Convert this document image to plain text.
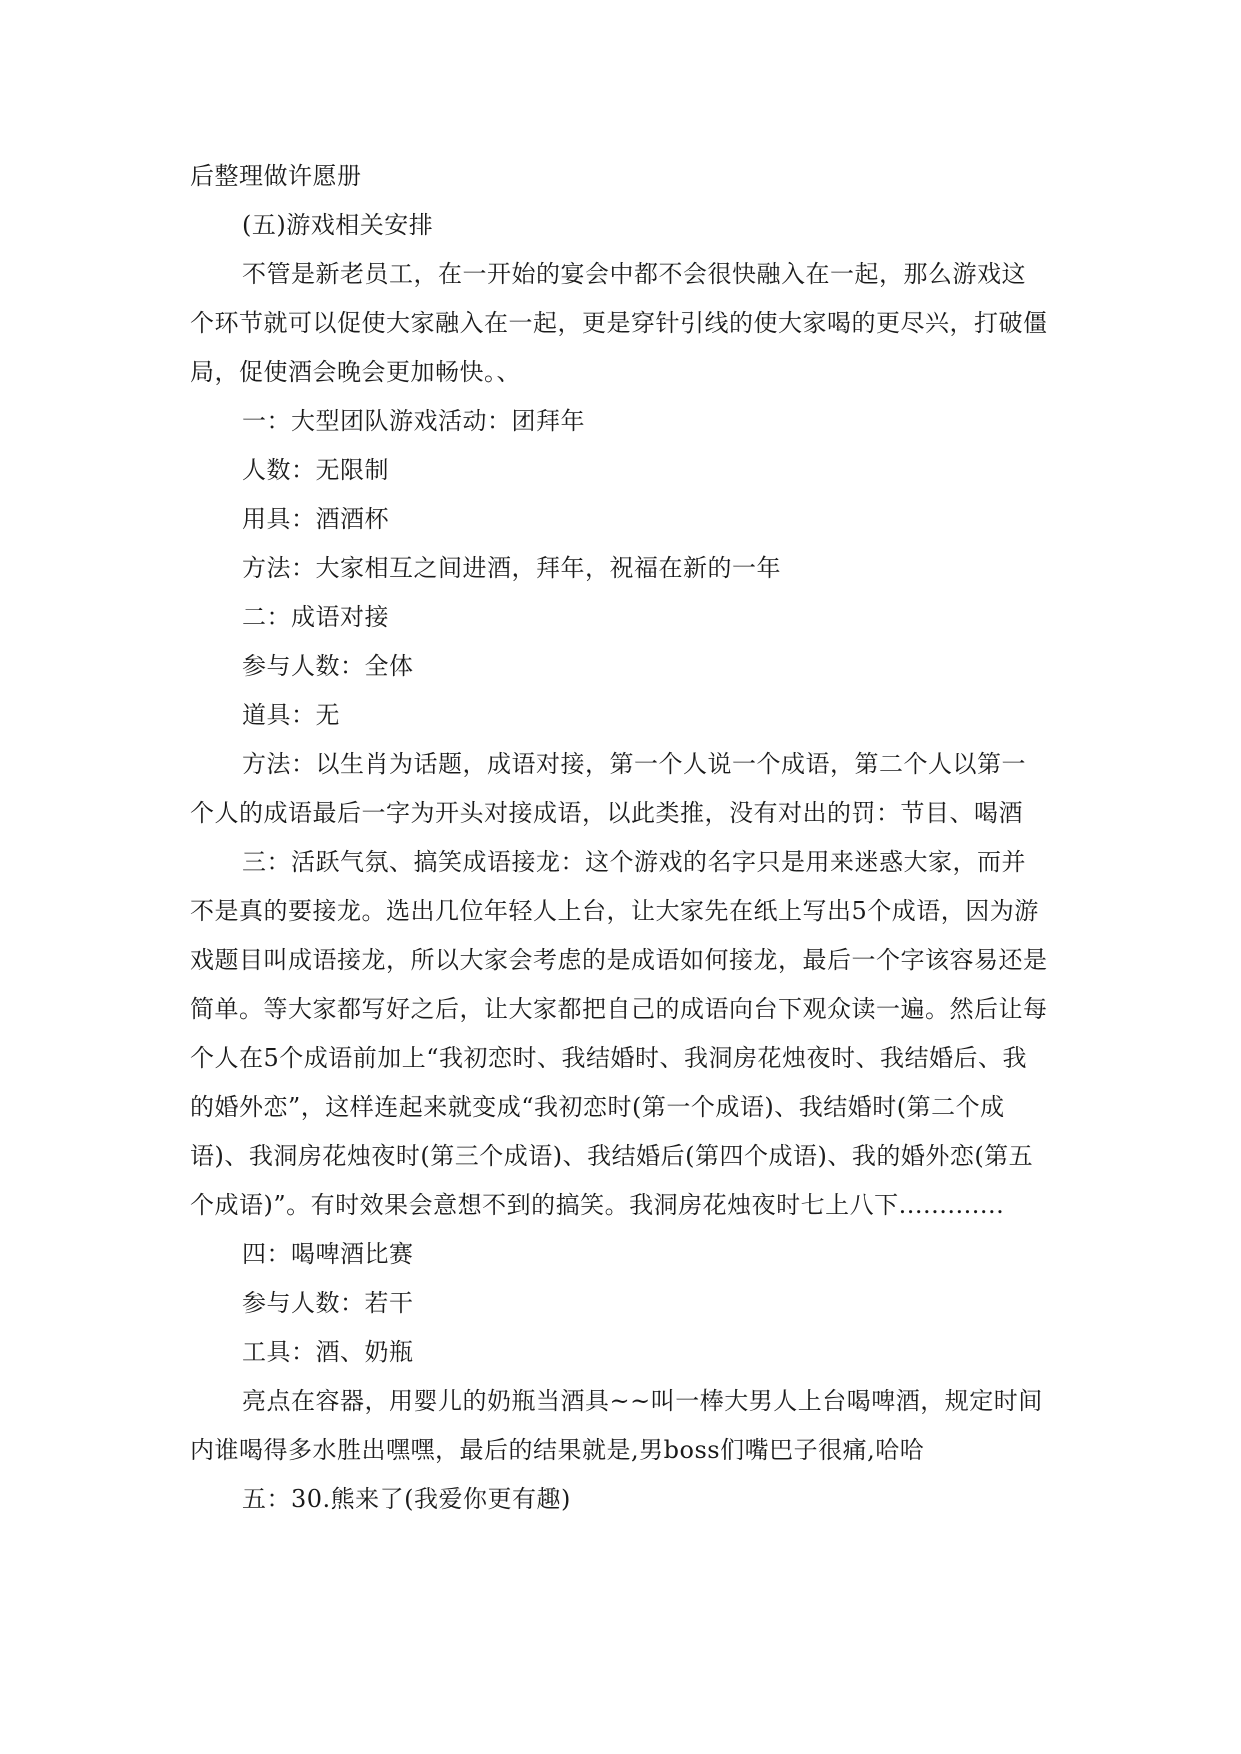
后整理做许愿册

(五)游戏相关安排

不管是新老员工，在一开始的宴会中都不会很快融入在一起，那么游戏这个环节就可以促使大家融入在一起，更是穿针引线的使大家喝的更尽兴，打破僵局，促使酒会晚会更加畅快。、

一：大型团队游戏活动：团拜年

人数：无限制

用具：酒酒杯

方法：大家相互之间进酒，拜年，祝福在新的一年

二：成语对接

参与人数：全体

道具：无

方法：以生肖为话题，成语对接，第一个人说一个成语，第二个人以第一个人的成语最后一字为开头对接成语，以此类推，没有对出的罚：节目、喝酒

三：活跃气氛、搞笑成语接龙：这个游戏的名字只是用来迷惑大家，而并不是真的要接龙。选出几位年轻人上台，让大家先在纸上写出5个成语，因为游戏题目叫成语接龙，所以大家会考虑的是成语如何接龙，最后一个字该容易还是简单。等大家都写好之后，让大家都把自己的成语向台下观众读一遍。然后让每个人在5个成语前加上“我初恋时、我结婚时、我洞房花烛夜时、我结婚后、我的婚外恋”，这样连起来就变成“我初恋时(第一个成语)、我结婚时(第二个成语)、我洞房花烛夜时(第三个成语)、我结婚后(第四个成语)、我的婚外恋(第五个成语)”。有时效果会意想不到的搞笑。我洞房花烛夜时七上八下.............

四：喝啤酒比赛

参与人数：若干

工具：酒、奶瓶

亮点在容器，用婴儿的奶瓶当酒具~~叫一棒大男人上台喝啤酒，规定时间内谁喝得多水胜出嘿嘿，最后的结果就是,男boss们嘴巴子很痛,哈哈

五：30.熊来了(我爱你更有趣)
